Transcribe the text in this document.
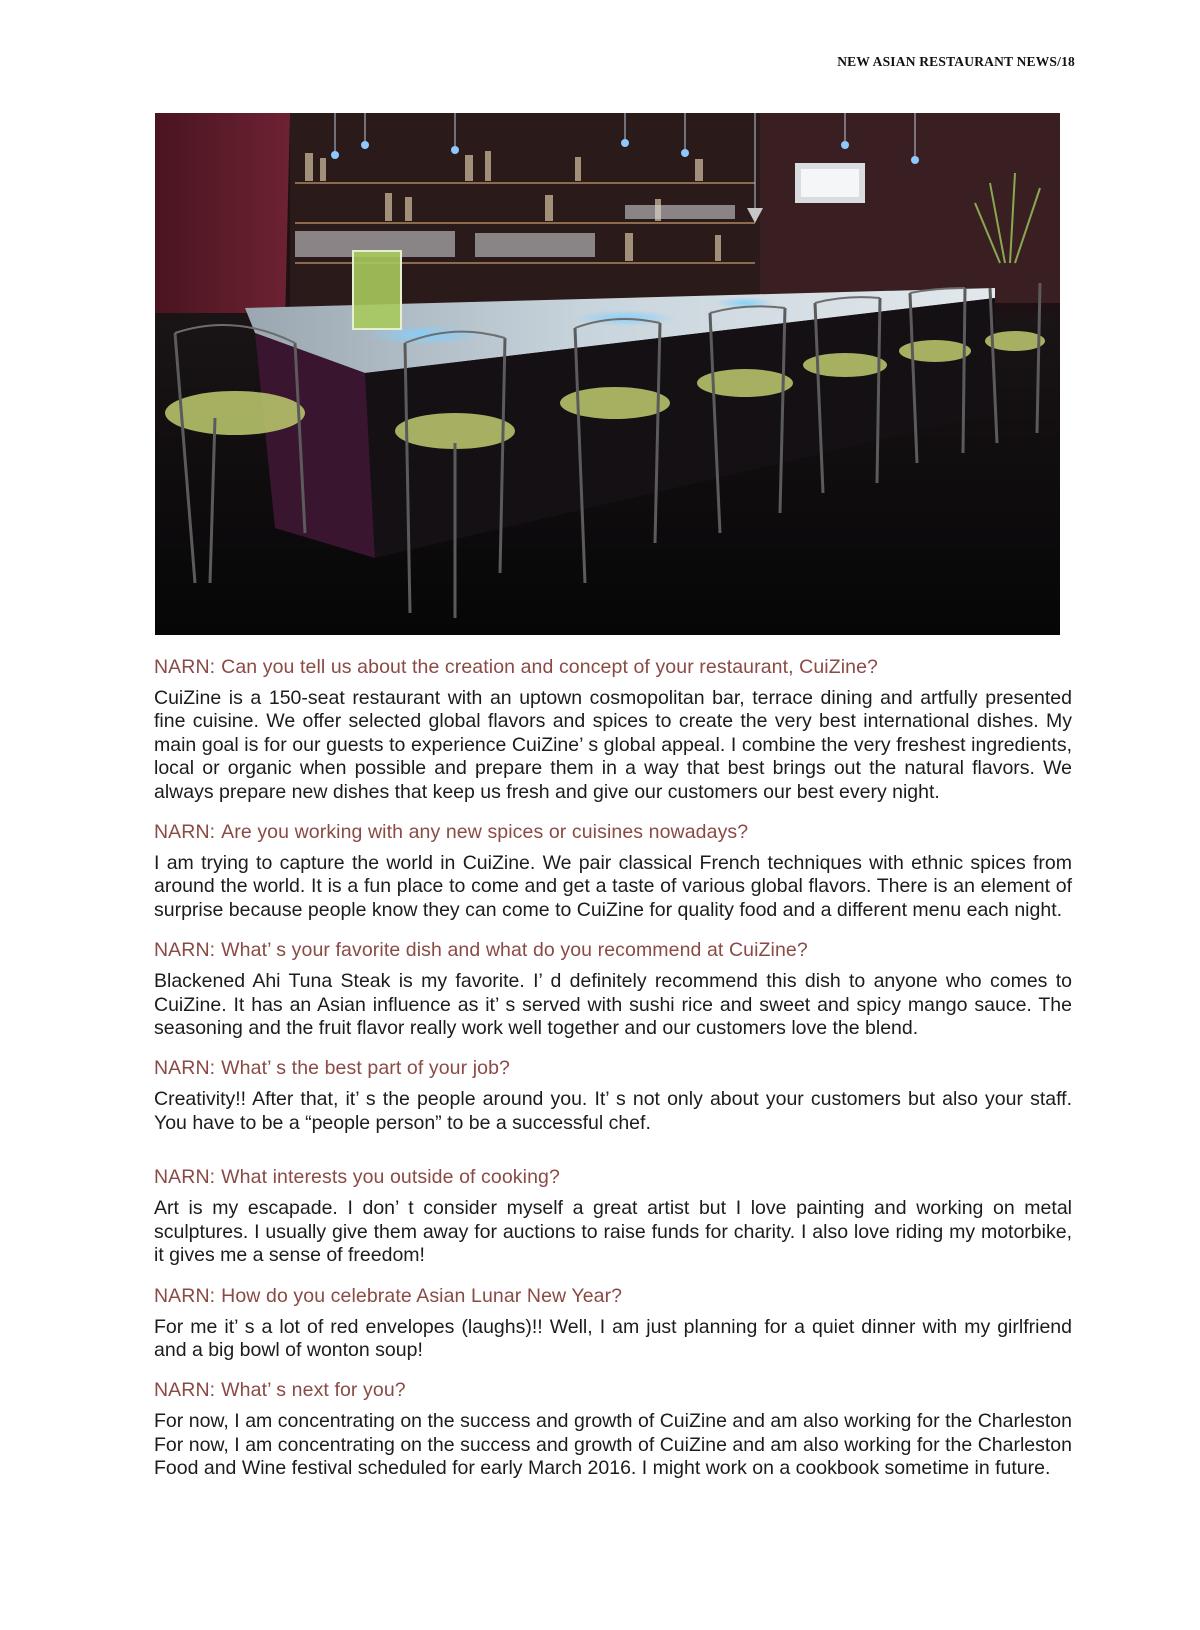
NEW ASIAN RESTAURANT NEWS/18

NARN: Can you tell us about the creation and concept of your restaurant, CuiZine?

CuiZine is a 150-seat restaurant with an uptown cosmopolitan bar, terrace dining and artfully presented fine cuisine. We offer selected global flavors and spices to create the very best international dishes. My main goal is for our guests to experience CuiZine’ s global appeal. I combine the very freshest ingredients, local or organic when possible and prepare them in a way that best brings out the natural flavors. We always prepare new dishes that keep us fresh and give our customers our best every night.

NARN: Are you working with any new spices or cuisines nowadays?

I am trying to capture the world in CuiZine. We pair classical French techniques with ethnic spices from around the world. It is a fun place to come and get a taste of various global flavors. There is an element of surprise because people know they can come to CuiZine for quality food and a different menu each night.

NARN: What’ s your favorite dish and what do you recommend at CuiZine?

Blackened Ahi Tuna Steak is my favorite. I’ d definitely recommend this dish to anyone who comes to CuiZine. It has an Asian influence as it’ s served with sushi rice and sweet and spicy mango sauce. The seasoning and the fruit flavor really work well together and our customers love the blend.

NARN: What’ s the best part of your job?

Creativity!! After that, it’ s the people around you. It’ s not only about your customers but also your staff. You have to be a “people person” to be a successful chef.

NARN: What interests you outside of cooking?

Art is my escapade. I don’ t consider myself a great artist but I love painting and working on metal sculptures. I usually give them away for auctions to raise funds for charity. I also love riding my motorbike, it gives me a sense of freedom!

NARN: How do you celebrate Asian Lunar New Year?

For me it’ s a lot of red envelopes (laughs)!! Well, I am just planning for a quiet dinner with my girlfriend and a big bowl of wonton soup!

NARN: What’ s next for you?

For now, I am concentrating on the success and growth of CuiZine and am also working for the Charleston For now, I am concentrating on the success and growth of CuiZine and am also working for the Charleston Food and Wine festival scheduled for early March 2016. I might work on a cookbook sometime in future.
